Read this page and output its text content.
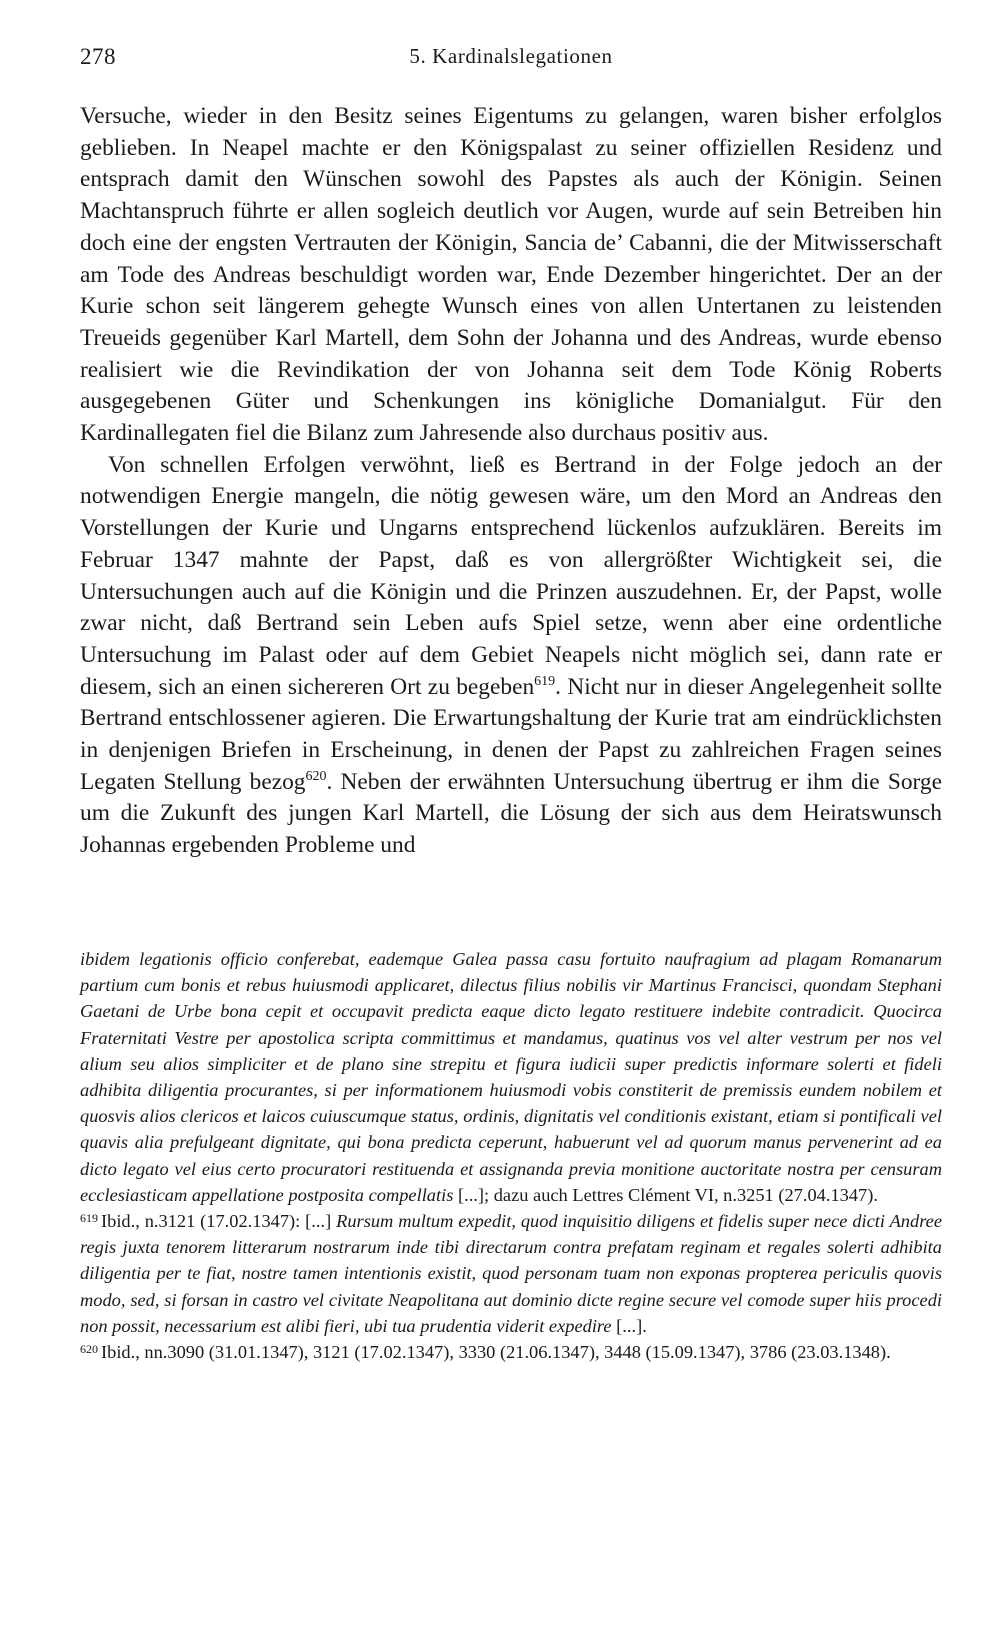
278	5. Kardinalslegationen

Versuche, wieder in den Besitz seines Eigentums zu gelangen, waren bisher erfolglos geblieben. In Neapel machte er den Königspalast zu seiner offiziellen Residenz und entsprach damit den Wünschen sowohl des Papstes als auch der Königin. Seinen Machtanspruch führte er allen sogleich deutlich vor Augen, wurde auf sein Betreiben hin doch eine der engsten Vertrauten der Königin, Sancia de’ Cabanni, die der Mitwisserschaft am Tode des Andreas beschuldigt worden war, Ende Dezember hingerichtet. Der an der Kurie schon seit längerem gehegte Wunsch eines von allen Untertanen zu leistenden Treueids gegenüber Karl Martell, dem Sohn der Johanna und des Andreas, wurde ebenso realisiert wie die Revindikation der von Johanna seit dem Tode König Roberts ausgegebenen Güter und Schenkungen ins königliche Domanialgut. Für den Kardinallegaten fiel die Bilanz zum Jahresende also durchaus positiv aus.

Von schnellen Erfolgen verwöhnt, ließ es Bertrand in der Folge jedoch an der notwendigen Energie mangeln, die nötig gewesen wäre, um den Mord an Andreas den Vorstellungen der Kurie und Ungarns entsprechend lückenlos aufzuklären. Bereits im Februar 1347 mahnte der Papst, daß es von allergrößter Wichtigkeit sei, die Untersuchungen auch auf die Königin und die Prinzen auszudehnen. Er, der Papst, wolle zwar nicht, daß Bertrand sein Leben aufs Spiel setze, wenn aber eine ordentliche Untersuchung im Palast oder auf dem Gebiet Neapels nicht möglich sei, dann rate er diesem, sich an einen sichereren Ort zu begeben$^{619}$. Nicht nur in dieser Angelegenheit sollte Bertrand entschlossener agieren. Die Erwartungshaltung der Kurie trat am eindrücklichsten in denjenigen Briefen in Erscheinung, in denen der Papst zu zahlreichen Fragen seines Legaten Stellung bezog$^{620}$. Neben der erwähnten Untersuchung übertrug er ihm die Sorge um die Zukunft des jungen Karl Martell, die Lösung der sich aus dem Heiratswunsch Johannas ergebenden Probleme und

ibidem legationis officio conferebat, eademque Galea passa casu fortuito naufragium ad plagam Romanarum partium cum bonis et rebus huiusmodi applicaret, dilectus filius nobilis vir Martinus Francisci, quondam Stephani Gaetani de Urbe bona cepit et occupavit predicta eaque dicto legato restituere indebite contradicit. Quocirca Fraternitati Vestre per apostolica scripta committimus et mandamus, quatinus vos vel alter vestrum per nos vel alium seu alios simpliciter et de plano sine strepitu et figura iudicii super predictis informare solerti et fideli adhibita diligentia procurantes, si per informationem huiusmodi vobis constiterit de premissis eundem nobilem et quosvis alios clericos et laicos cuiuscumque status, ordinis, dignitatis vel conditionis existant, etiam si pontificali vel quavis alia prefulgeant dignitate, qui bona predicta ceperunt, habuerunt vel ad quorum manus pervenerint ad ea dicto legato vel eius certo procuratori restituenda et assignanda previa monitione auctoritate nostra per censuram ecclesiasticam appellatione postposita compellatis [...]; dazu auch Lettres Clément VI, n.3251 (27.04.1347).

$^{619}$ Ibid., n.3121 (17.02.1347): [...] Rursum multum expedit, quod inquisitio diligens et fidelis super nece dicti Andree regis juxta tenorem litterarum nostrarum inde tibi directarum contra prefatam reginam et regales solerti adhibita diligentia per te fiat, nostre tamen intentionis existit, quod personam tuam non exponas propterea periculis quovis modo, sed, si forsan in castro vel civitate Neapolitana aut dominio dicte regine secure vel comode super hiis procedi non possit, necessarium est alibi fieri, ubi tua prudentia viderit expedire [...].

$^{620}$ Ibid., nn.3090 (31.01.1347), 3121 (17.02.1347), 3330 (21.06.1347), 3448 (15.09.1347), 3786 (23.03.1348).
